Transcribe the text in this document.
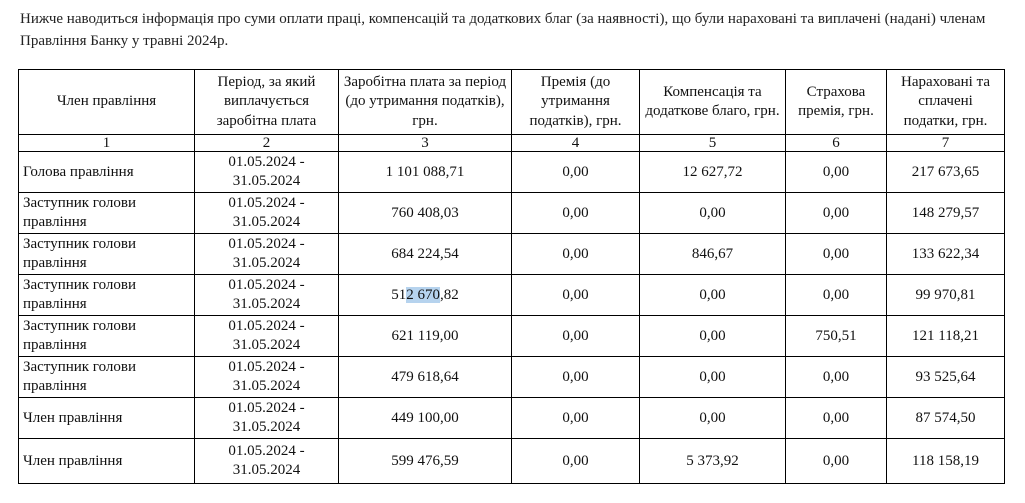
Нижче наводиться інформація про суми оплати праці, компенсацій та додаткових благ (за наявності), що були нараховані та виплачені (надані) членам Правління Банку у травні 2024р.

Член правління	Період, за який виплачується заробітна плата	Заробітна плата за період (до утримання податків), грн.	Премія (до утримання податків), грн.	Компенсація та додаткове благо, грн.	Страхова премія, грн.	Нараховані та сплачені податки, грн.
1	2	3	4	5	6	7
Голова правління	01.05.2024 - 31.05.2024	1 101 088,71	0,00	12 627,72	0,00	217 673,65
Заступник голови правління	01.05.2024 - 31.05.2024	760 408,03	0,00	0,00	0,00	148 279,57
Заступник голови правління	01.05.2024 - 31.05.2024	684 224,54	0,00	846,67	0,00	133 622,34
Заступник голови правління	01.05.2024 - 31.05.2024	512 670,82	0,00	0,00	0,00	99 970,81
Заступник голови правління	01.05.2024 - 31.05.2024	621 119,00	0,00	0,00	750,51	121 118,21
Заступник голови правління	01.05.2024 - 31.05.2024	479 618,64	0,00	0,00	0,00	93 525,64
Член правління	01.05.2024 - 31.05.2024	449 100,00	0,00	0,00	0,00	87 574,50
Член правління	01.05.2024 - 31.05.2024	599 476,59	0,00	5 373,92	0,00	118 158,19
